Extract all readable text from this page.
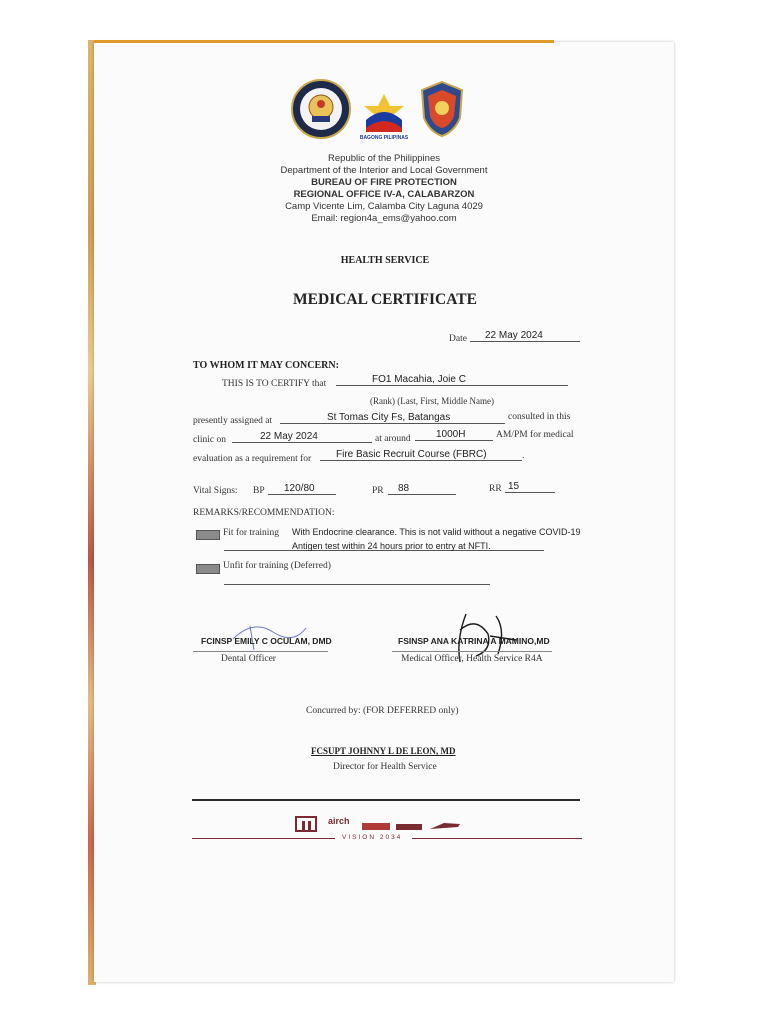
BAGONG PILIPINAS
Republic of the Philippines
Department of the Interior and Local Government
BUREAU OF FIRE PROTECTION
REGIONAL OFFICE IV-A, CALABARZON
Camp Vicente Lim, Calamba City Laguna 4029
Email: region4a_ems@yahoo.com
HEALTH SERVICE
MEDICAL CERTIFICATE
Date 22 May 2024
TO WHOM IT MAY CONCERN:
THIS IS TO CERTIFY that	FO1 Macahia, Joie C
(Rank) (Last, First, Middle Name)
presently assigned at	St Tomas City Fs, Batangas	consulted in this
clinic on	22 May 2024	at around	1000H	AM/PM for medical
evaluation as a requirement for Fire Basic Recruit Course (FBRC)	.
Vital Signs: BP 120/80	PR 88	RR 15
REMARKS/RECOMMENDATION:
Fit for training With Endocrine clearance. This is not valid without a negative COVID-19
Antigen test within 24 hours prior to entry at NFTI.
Unfit for training (Deferred)
FCINSP EMILY C OCULAM, DMD
Dental Officer
FSINSP ANA KATRINA A MAMINO,MD
Medical Officer, Health Service R4A
Concurred by: (FOR DEFERRED only)
FCSUPT JOHNNY L DE LEON, MD
Director for Health Service
airch
VISION 2034
